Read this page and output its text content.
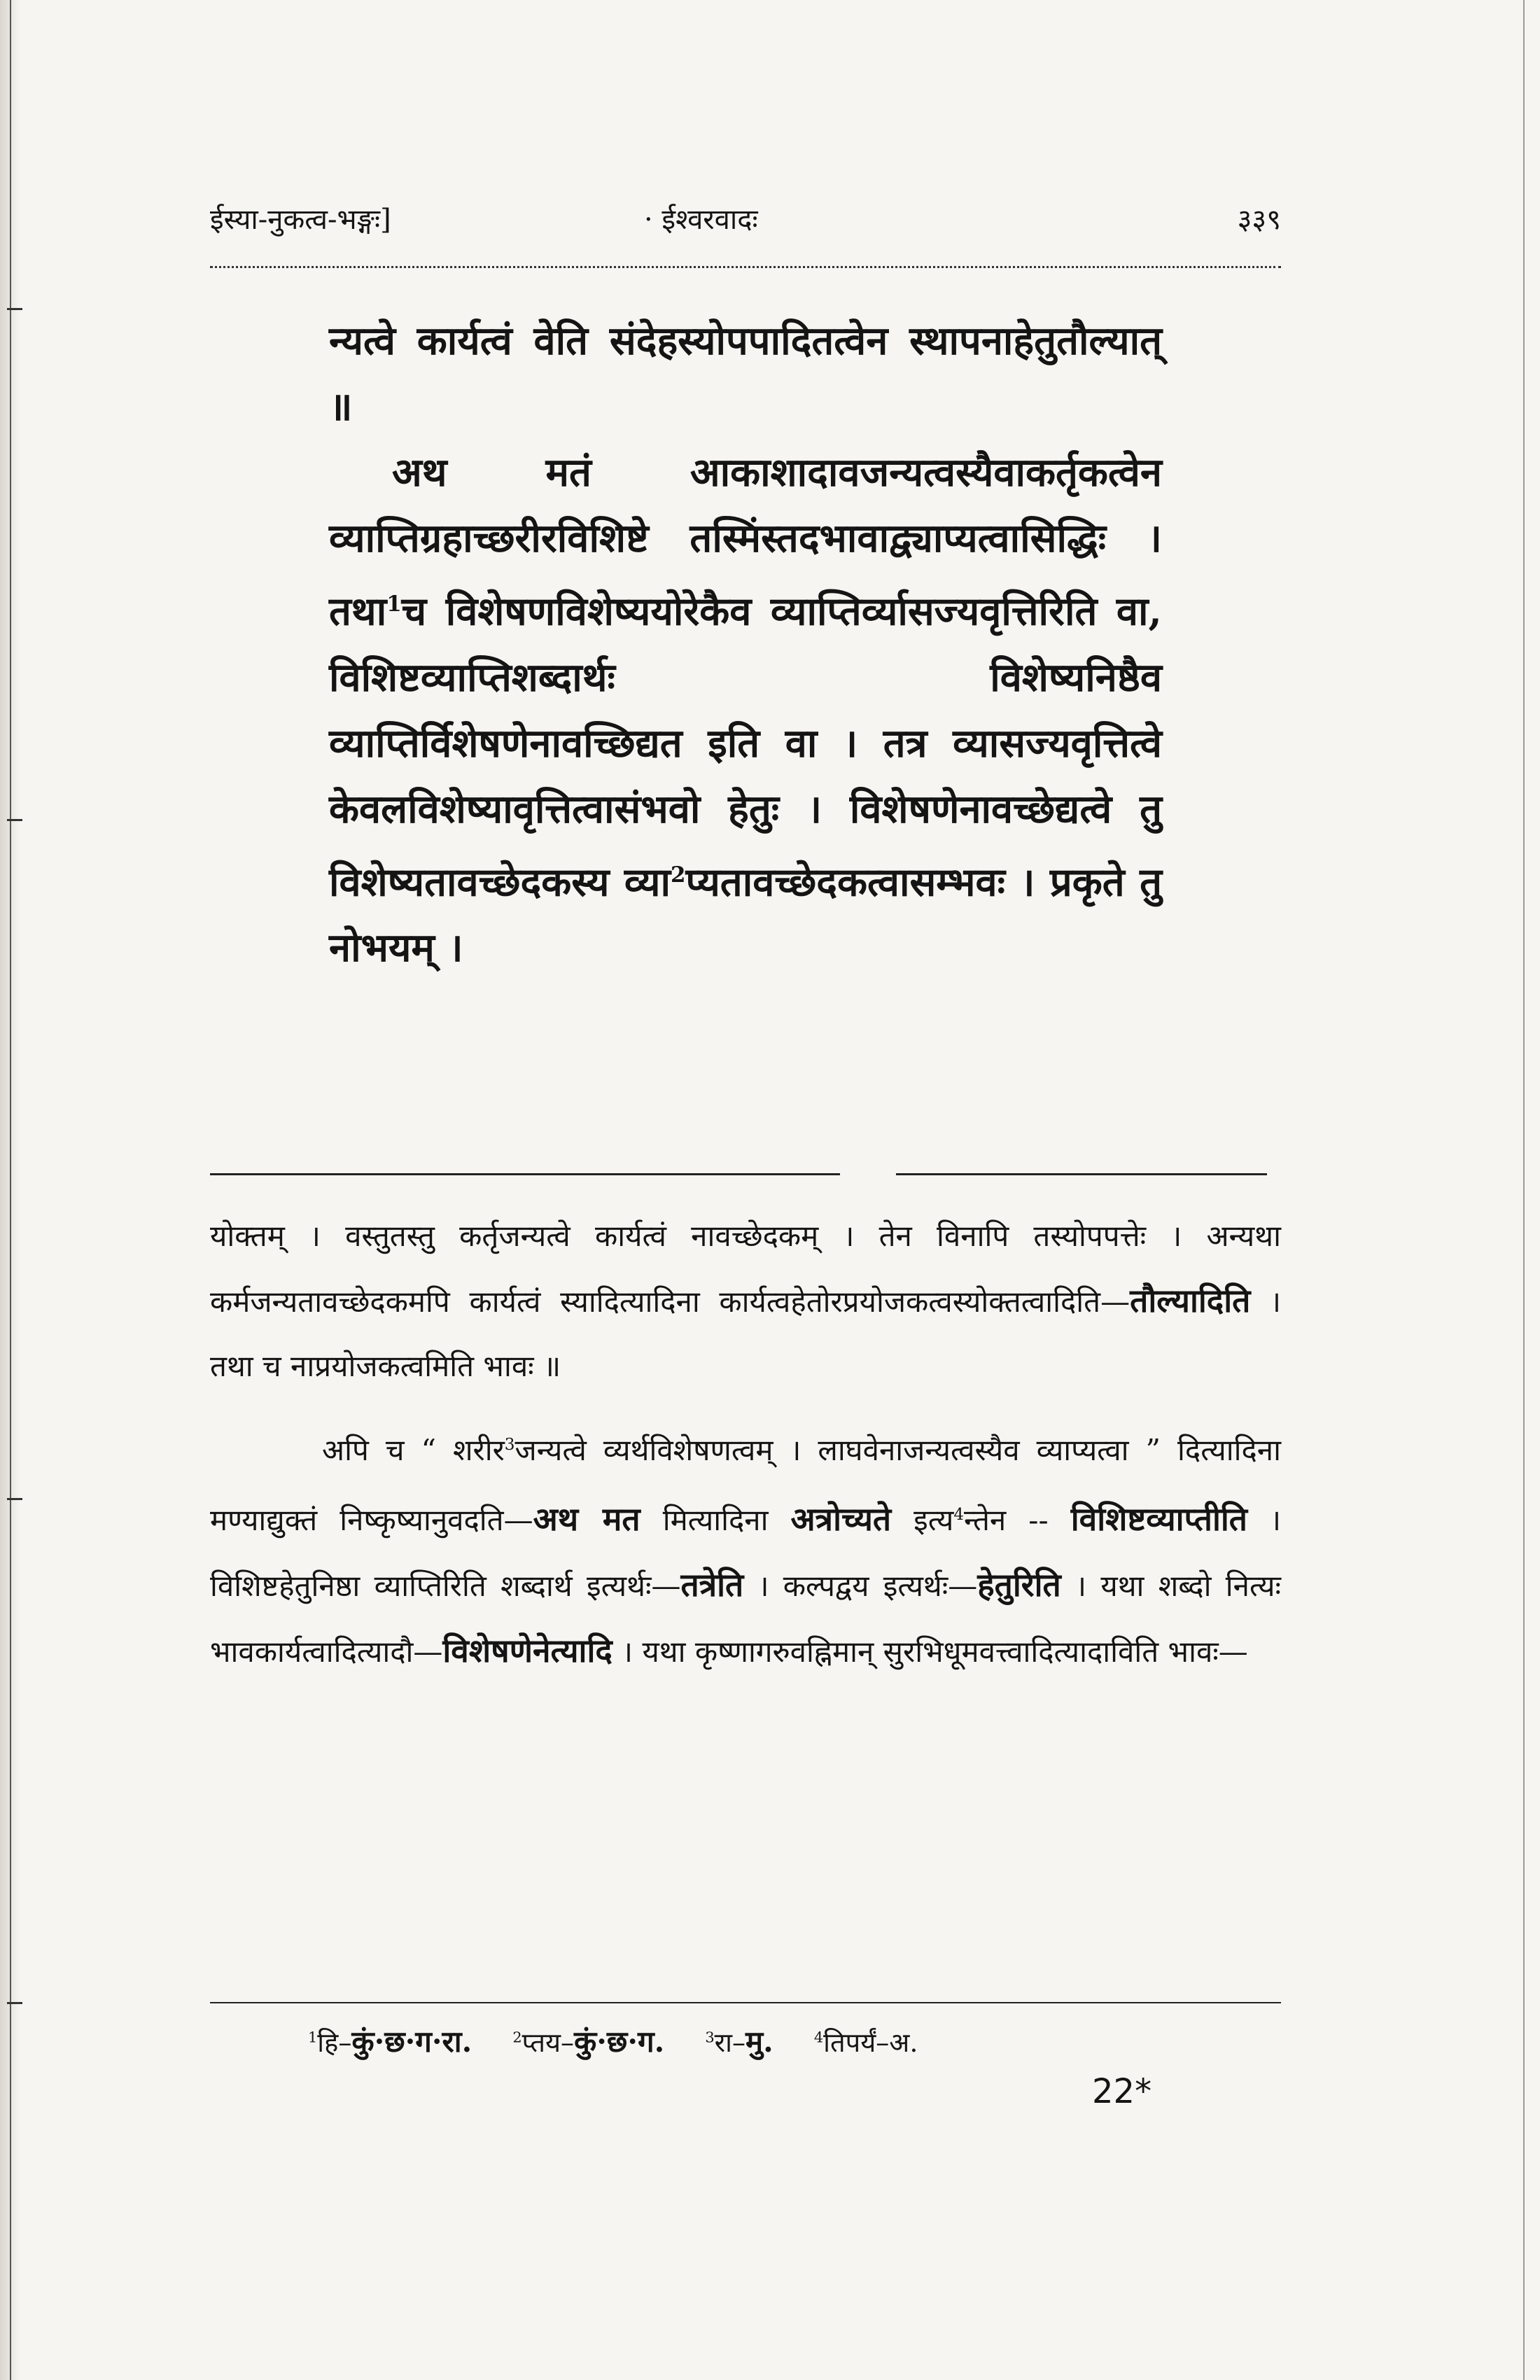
ईस्या-नुकत्व-भङ्गः]	· ईश्वरवादः	३३९

न्यत्वे कार्यत्वं वेति संदेहस्योपपादितत्वेन स्थापनाहेतुतौल्यात् ॥

अथ मतं आकाशादावजन्यत्वस्यैवाकर्तृकत्वेन व्याप्तिग्रहाच्छरीरविशिष्टे तस्मिंस्तदभावाद्व्याप्यत्वासिद्धिः । तथा$^1$च विशेषणविशेष्ययोरेकैव व्याप्तिर्व्यासज्यवृत्तिरिति वा, विशिष्टव्याप्तिशब्दार्थः विशेष्यनिष्ठैव व्याप्तिर्विशेषणेनावच्छिद्यत इति वा । तत्र व्यासज्यवृत्तित्वे केवलविशेष्यावृत्तित्वासंभवो हेतुः । विशेषणेनावच्छेद्यत्वे तु विशेष्यतावच्छेदकस्य व्या$^2$प्यतावच्छेदकत्वासम्भवः । प्रकृते तु नोभयम् ।

योक्तम् । वस्तुतस्तु कर्तृजन्यत्वे कार्यत्वं नावच्छेदकम् । तेन विनापि तस्योपपत्तेः । अन्यथा कर्मजन्यतावच्छेदकमपि कार्यत्वं स्यादित्यादिना कार्यत्वहेतोरप्रयोजकत्वस्योक्तत्वादिति—तौल्यादिति । तथा च नाप्रयोजकत्वमिति भावः ॥

अपि च “ शरीर$^3$जन्यत्वे व्यर्थविशेषणत्वम् । लाघवेनाजन्यत्वस्यैव व्याप्यत्वा ” दित्यादिना मण्याद्युक्तं निष्कृष्यानुवदति—अथ मत मित्यादिना अत्रोच्यते इत्य$^4$न्तेन -- विशिष्टव्याप्तीति । विशिष्टहेतुनिष्ठा व्याप्तिरिति शब्दार्थ इत्यर्थः—तत्रेति । कल्पद्वय इत्यर्थः—हेतुरिति । यथा शब्दो नित्यः भावकार्यत्वादित्यादौ—विशेषणेनेत्यादि । यथा कृष्णागरुवह्निमान् सुरभिधूमवत्त्वादित्यादाविति भावः—

$^1$हि–कुं·छ·ग·रा.	$^2$प्तय–कुं·छ·ग.	$^3$रा–मु.	$^4$तिपर्यं–अ.
22*
